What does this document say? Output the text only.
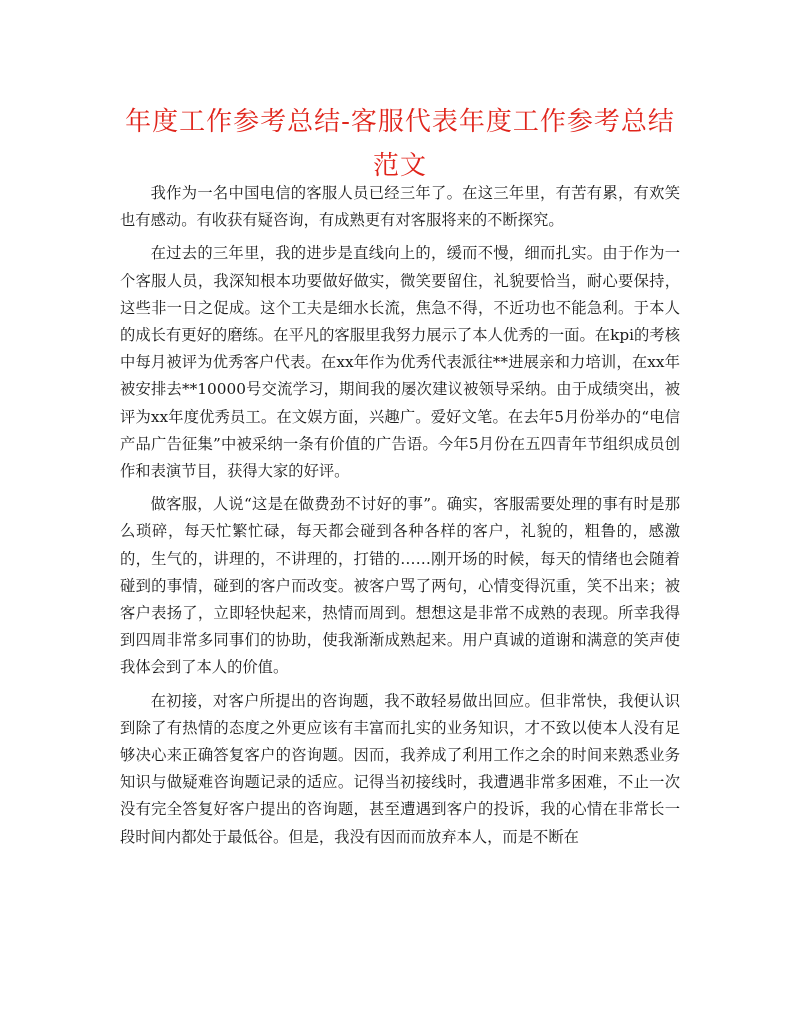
年度工作参考总结-客服代表年度工作参考总结范文

我作为一名中国电信的客服人员已经三年了。在这三年里，有苦有累，有欢笑也有感动。有收获有疑咨询，有成熟更有对客服将来的不断探究。

在过去的三年里，我的进步是直线向上的，缓而不慢，细而扎实。由于作为一个客服人员，我深知根本功要做好做实，微笑要留住，礼貌要恰当，耐心要保持，这些非一日之促成。这个工夫是细水长流，焦急不得，不近功也不能急利。于本人的成长有更好的磨练。在平凡的客服里我努力展示了本人优秀的一面。在kpi的考核中每月被评为优秀客户代表。在xx年作为优秀代表派往**进展亲和力培训，在xx年被安排去**10000号交流学习，期间我的屡次建议被领导采纳。由于成绩突出，被评为xx年度优秀员工。在文娱方面，兴趣广。爱好文笔。在去年5月份举办的“电信产品广告征集”中被采纳一条有价值的广告语。今年5月份在五四青年节组织成员创作和表演节目，获得大家的好评。

做客服，人说“这是在做费劲不讨好的事”。确实，客服需要处理的事有时是那么琐碎，每天忙繁忙碌，每天都会碰到各种各样的客户，礼貌的，粗鲁的，感激的，生气的，讲理的，不讲理的，打错的……刚开场的时候，每天的情绪也会随着碰到的事情，碰到的客户而改变。被客户骂了两句，心情变得沉重，笑不出来；被客户表扬了，立即轻快起来，热情而周到。想想这是非常不成熟的表现。所幸我得到四周非常多同事们的协助，使我渐渐成熟起来。用户真诚的道谢和满意的笑声使我体会到了本人的价值。

在初接，对客户所提出的咨询题，我不敢轻易做出回应。但非常快，我便认识到除了有热情的态度之外更应该有丰富而扎实的业务知识，才不致以使本人没有足够决心来正确答复客户的咨询题。因而，我养成了利用工作之余的时间来熟悉业务知识与做疑难咨询题记录的适应。记得当初接线时，我遭遇非常多困难，不止一次没有完全答复好客户提出的咨询题，甚至遭遇到客户的投诉，我的心情在非常长一段时间内都处于最低谷。但是，我没有因而而放弃本人，而是不断在
